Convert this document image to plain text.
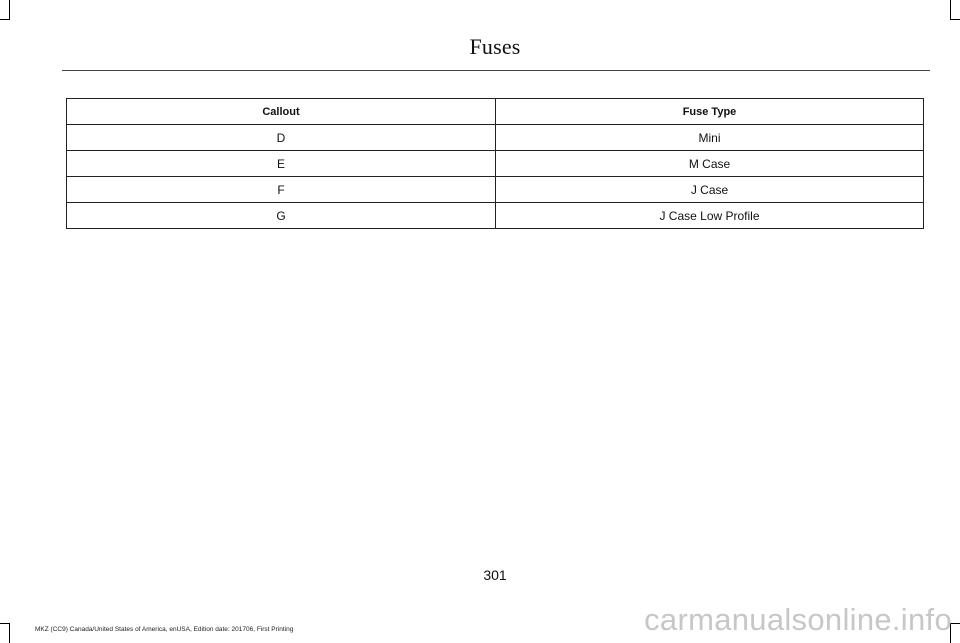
Fuses
Callout	Fuse Type
D	Mini
E	M Case
F	J Case
G	J Case Low Profile
301
MKZ (CC9) Canada/United States of America, enUSA, Edition date: 201706, First Printing	carmanualsonline.info
